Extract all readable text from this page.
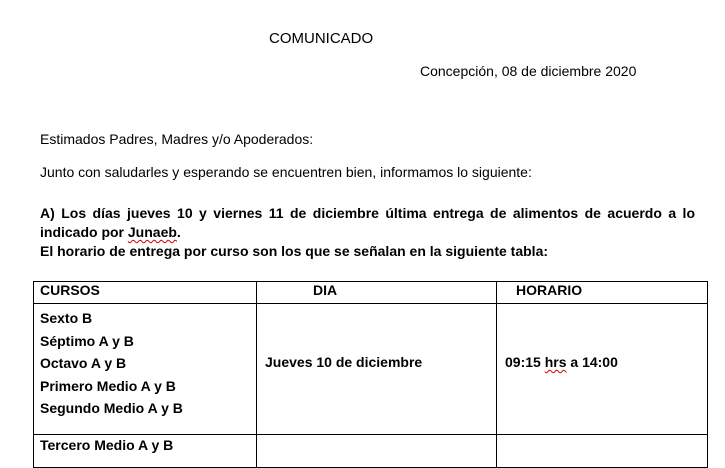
COMUNICADO
Concepción, 08 de diciembre 2020
Estimados Padres, Madres y/o Apoderados:
Junto con saludarles y esperando se encuentren bien, informamos lo siguiente:
A) Los días jueves 10 y viernes 11 de diciembre última entrega de alimentos de acuerdo a lo
indicado por Junaeb.
El horario de entrega por curso son los que se señalan en la siguiente tabla:
CURSOS	DIA	HORARIO

Sexto B
Séptimo A y B
Octavo A y B
Primero Medio A y B
Segundo Medio A y B	Jueves 10 de diciembre	09:15 hrs a 14:00

Tercero Medio A y B		
